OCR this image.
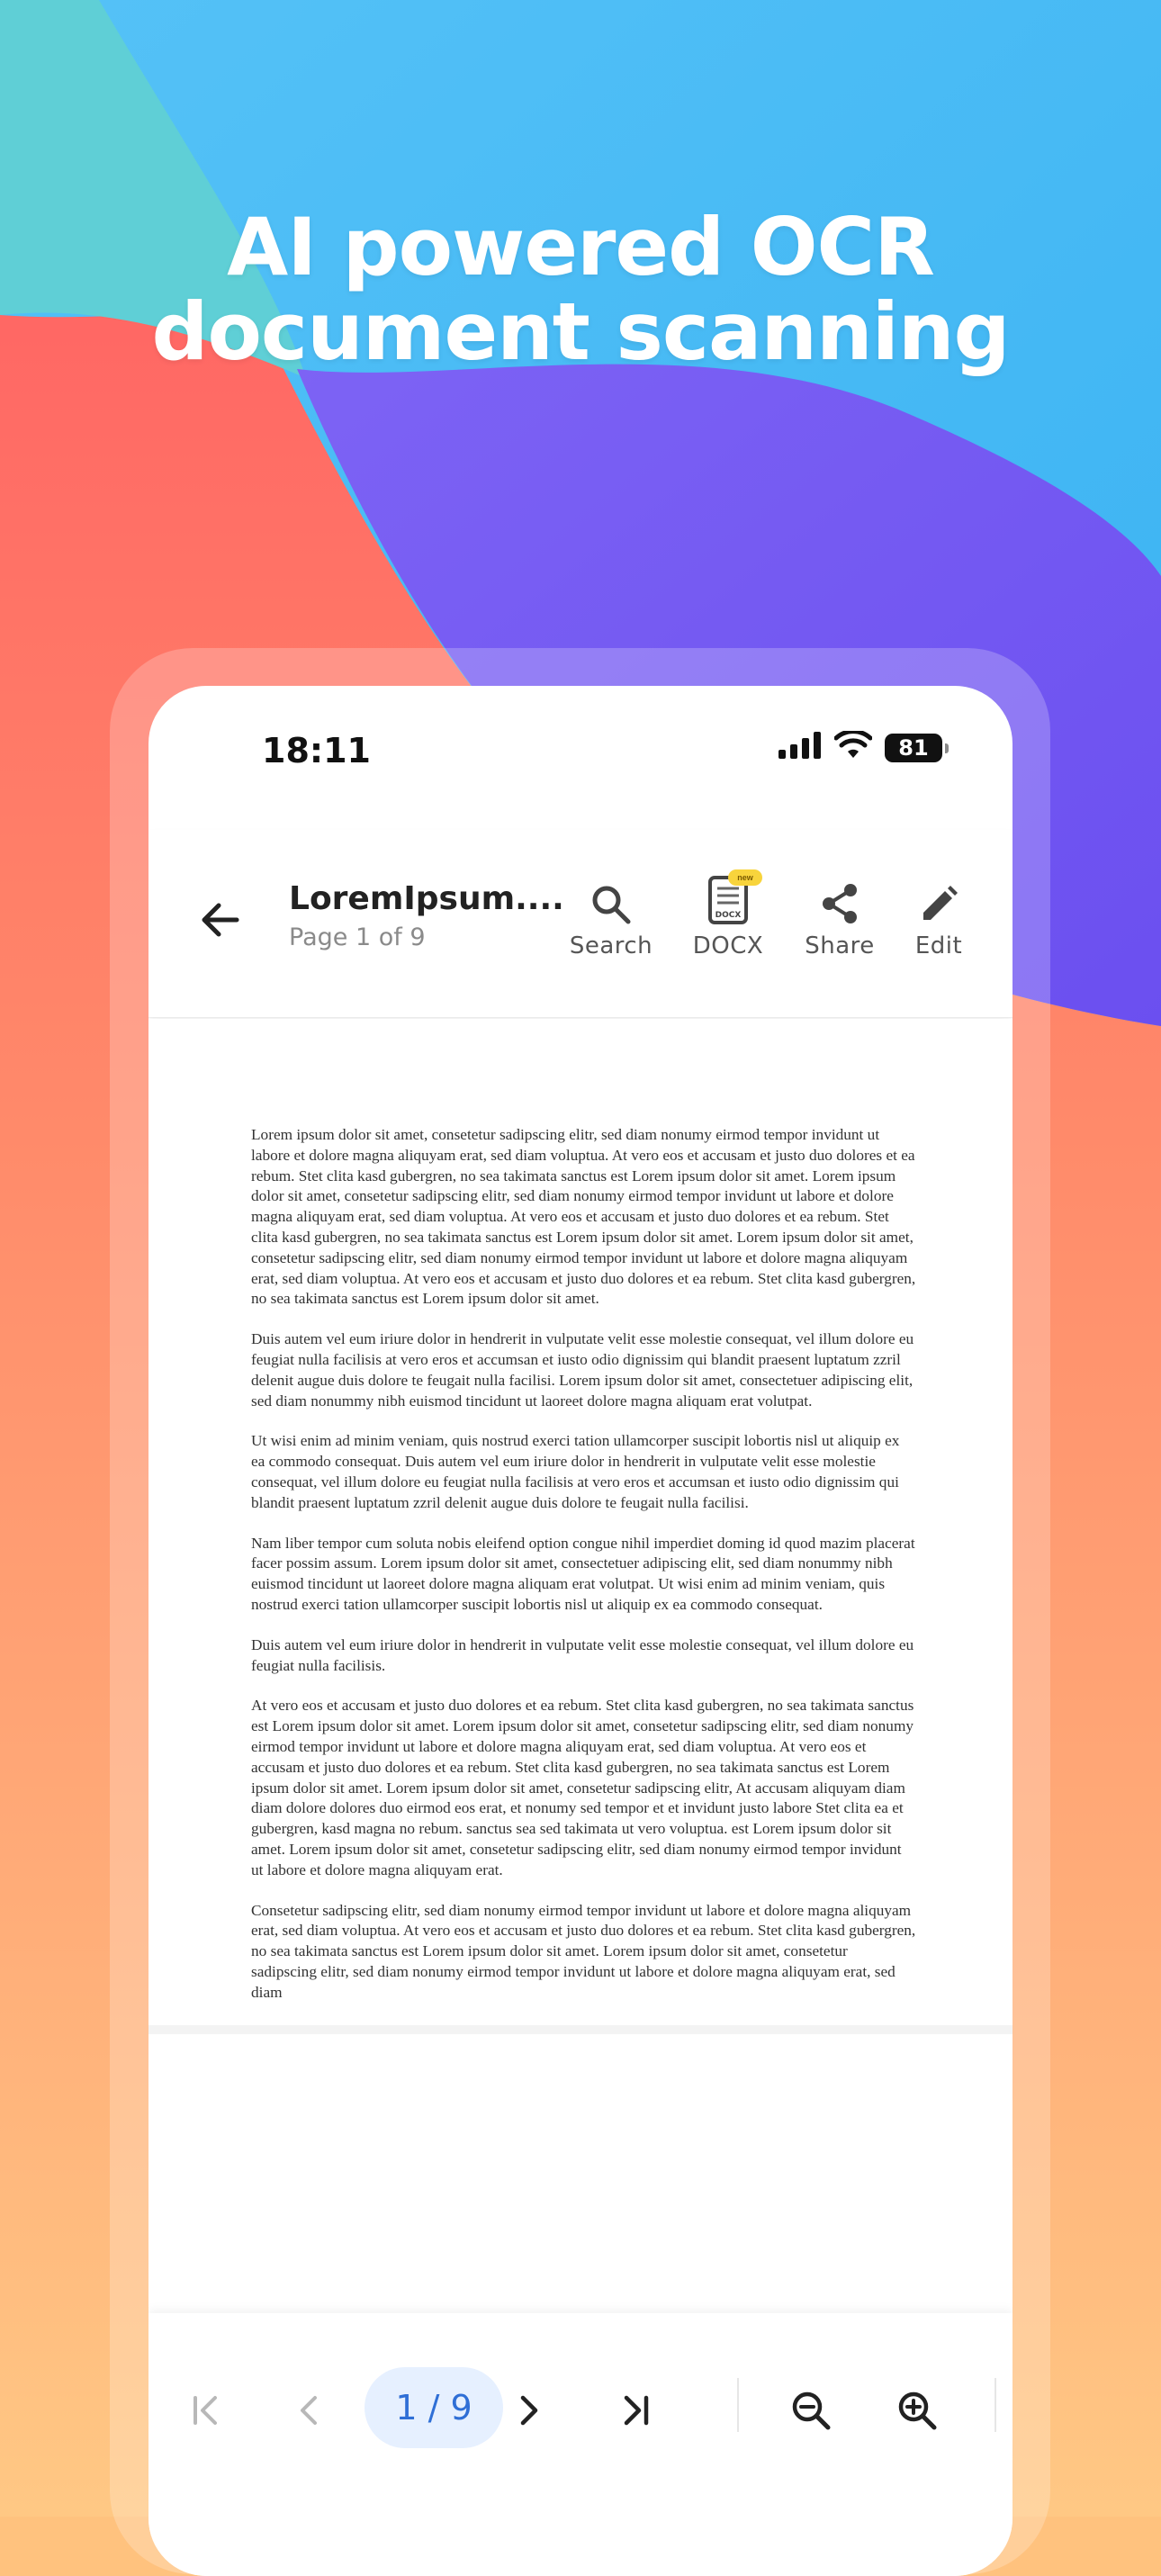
AI powered OCR
document scanning
18:11	81
LoremIpsum....
Page 1 of 9	Search
DOCX
new
DOCX	Share	Edit

Lorem ipsum dolor sit amet, consetetur sadipscing elitr, sed diam nonumy eirmod tempor invidunt ut labore et dolore magna aliquyam erat, sed diam voluptua. At vero eos et accusam et justo duo dolores et ea rebum. Stet clita kasd gubergren, no sea takimata sanctus est Lorem ipsum dolor sit amet. Lorem ipsum dolor sit amet, consetetur sadipscing elitr, sed diam nonumy eirmod tempor invidunt ut labore et dolore magna aliquyam erat, sed diam voluptua. At vero eos et accusam et justo duo dolores et ea rebum. Stet clita kasd gubergren, no sea takimata sanctus est Lorem ipsum dolor sit amet. Lorem ipsum dolor sit amet, consetetur sadipscing elitr, sed diam nonumy eirmod tempor invidunt ut labore et dolore magna aliquyam erat, sed diam voluptua. At vero eos et accusam et justo duo dolores et ea rebum. Stet clita kasd gubergren, no sea takimata sanctus est Lorem ipsum dolor sit amet.

Duis autem vel eum iriure dolor in hendrerit in vulputate velit esse molestie consequat, vel illum dolore eu feugiat nulla facilisis at vero eros et accumsan et iusto odio dignissim qui blandit praesent luptatum zzril delenit augue duis dolore te feugait nulla facilisi. Lorem ipsum dolor sit amet, consectetuer adipiscing elit, sed diam nonummy nibh euismod tincidunt ut laoreet dolore magna aliquam erat volutpat.

Ut wisi enim ad minim veniam, quis nostrud exerci tation ullamcorper suscipit lobortis nisl ut aliquip ex ea commodo consequat. Duis autem vel eum iriure dolor in hendrerit in vulputate velit esse molestie consequat, vel illum dolore eu feugiat nulla facilisis at vero eros et accumsan et iusto odio dignissim qui blandit praesent luptatum zzril delenit augue duis dolore te feugait nulla facilisi.

Nam liber tempor cum soluta nobis eleifend option congue nihil imperdiet doming id quod mazim placerat facer possim assum. Lorem ipsum dolor sit amet, consectetuer adipiscing elit, sed diam nonummy nibh euismod tincidunt ut laoreet dolore magna aliquam erat volutpat. Ut wisi enim ad minim veniam, quis nostrud exerci tation ullamcorper suscipit lobortis nisl ut aliquip ex ea commodo consequat.

Duis autem vel eum iriure dolor in hendrerit in vulputate velit esse molestie consequat, vel illum dolore eu feugiat nulla facilisis.

At vero eos et accusam et justo duo dolores et ea rebum. Stet clita kasd gubergren, no sea takimata sanctus est Lorem ipsum dolor sit amet. Lorem ipsum dolor sit amet, consetetur sadipscing elitr, sed diam nonumy eirmod tempor invidunt ut labore et dolore magna aliquyam erat, sed diam voluptua. At vero eos et accusam et justo duo dolores et ea rebum. Stet clita kasd gubergren, no sea takimata sanctus est Lorem ipsum dolor sit amet. Lorem ipsum dolor sit amet, consetetur sadipscing elitr, At accusam aliquyam diam diam dolore dolores duo eirmod eos erat, et nonumy sed tempor et et invidunt justo labore Stet clita ea et gubergren, kasd magna no rebum. sanctus sea sed takimata ut vero voluptua. est Lorem ipsum dolor sit amet. Lorem ipsum dolor sit amet, consetetur sadipscing elitr, sed diam nonumy eirmod tempor invidunt ut labore et dolore magna aliquyam erat.

Consetetur sadipscing elitr, sed diam nonumy eirmod tempor invidunt ut labore et dolore magna aliquyam erat, sed diam voluptua. At vero eos et accusam et justo duo dolores et ea rebum. Stet clita kasd gubergren, no sea takimata sanctus est Lorem ipsum dolor sit amet. Lorem ipsum dolor sit amet, consetetur sadipscing elitr, sed diam nonumy eirmod tempor invidunt ut labore et dolore magna aliquyam erat, sed diam

1 / 9
